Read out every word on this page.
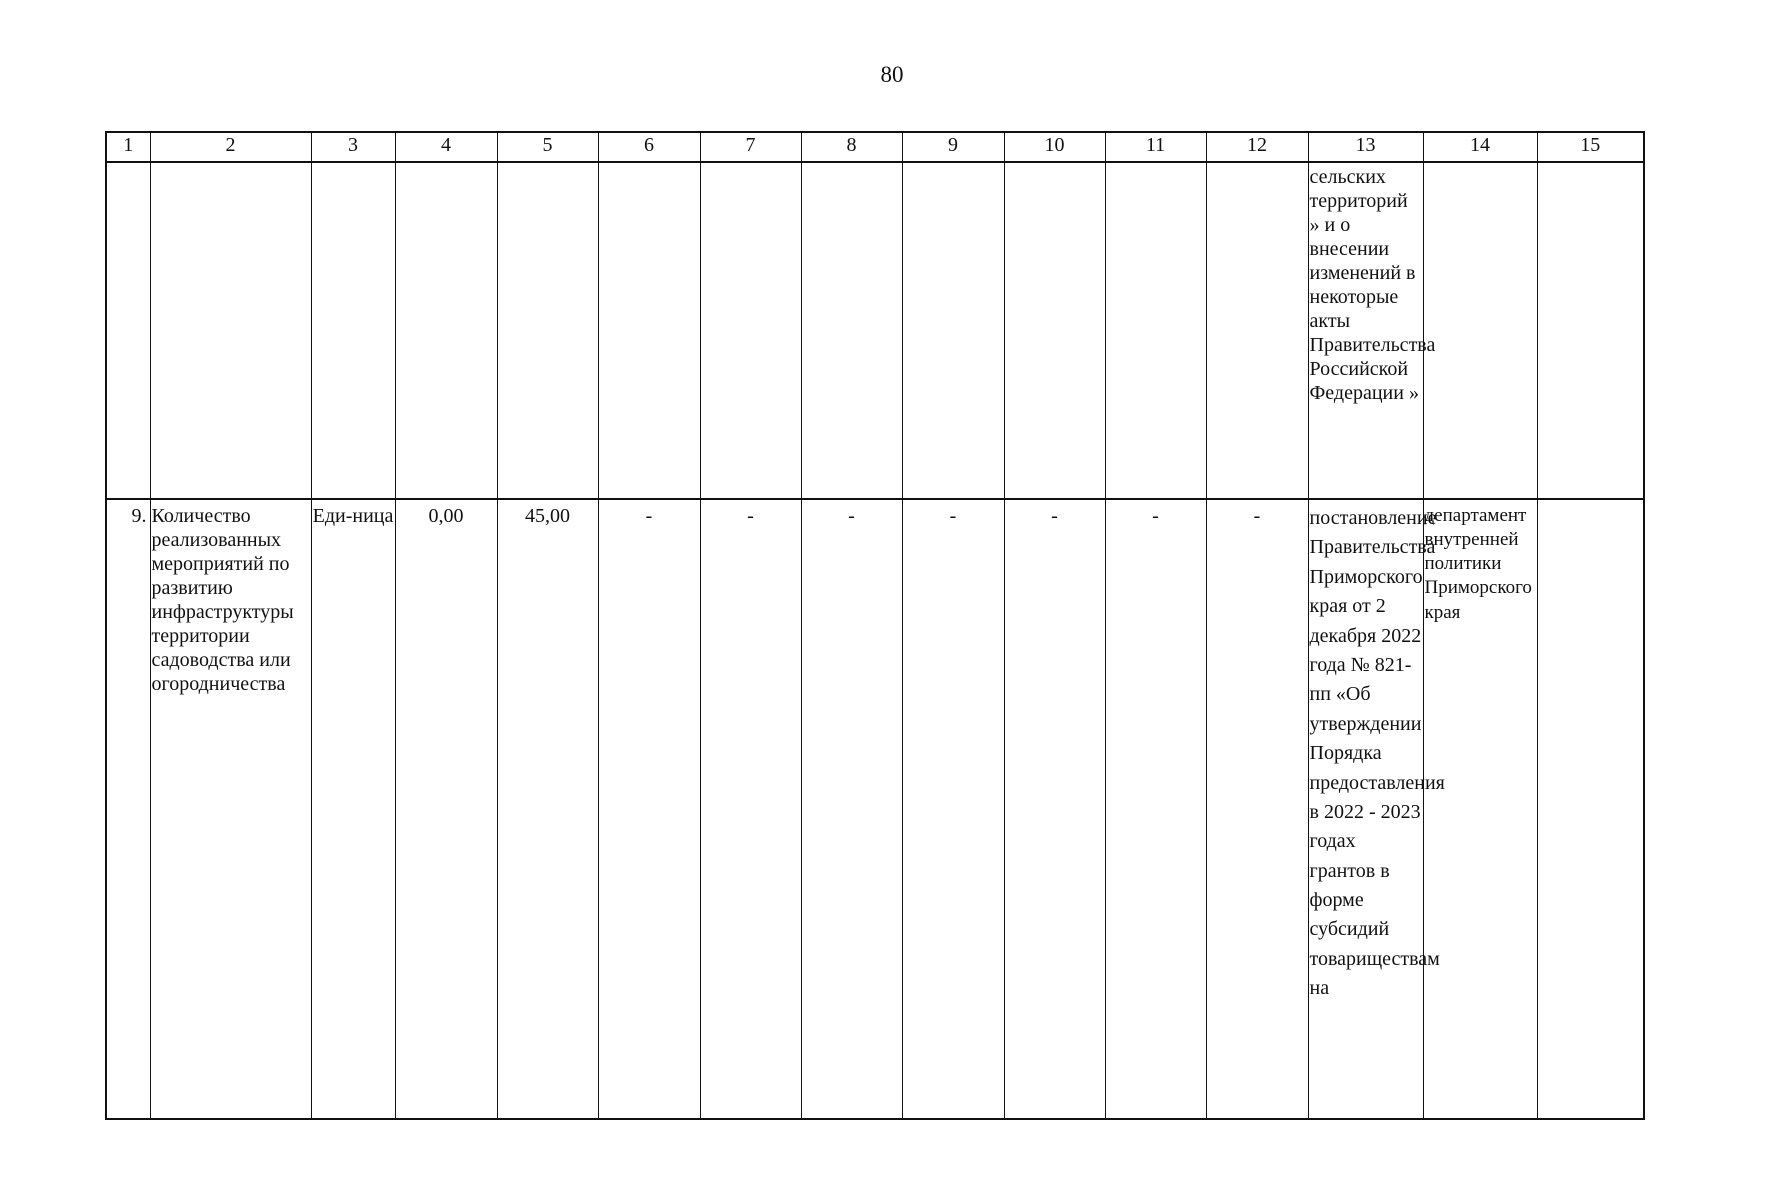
80
1	2	3	4	5	6	7	8	9	10	11	12	13	14	15

												сельских территорий » и о внесении изменений в некоторые акты Правительства Российской Федерации »		

9.	Количество реализованных мероприятий по развитию инфраструктуры территории садоводства или огородничества	Еди-ница	0,00	45,00	-	-	-	-	-	-	-	постановление Правительства Приморского края от 2 декабря 2022 года № 821-пп «Об утверждении Порядка предоставления в 2022 - 2023 годах грантов в форме субсидий товариществам на	департамент внутренней политики Приморского края	
